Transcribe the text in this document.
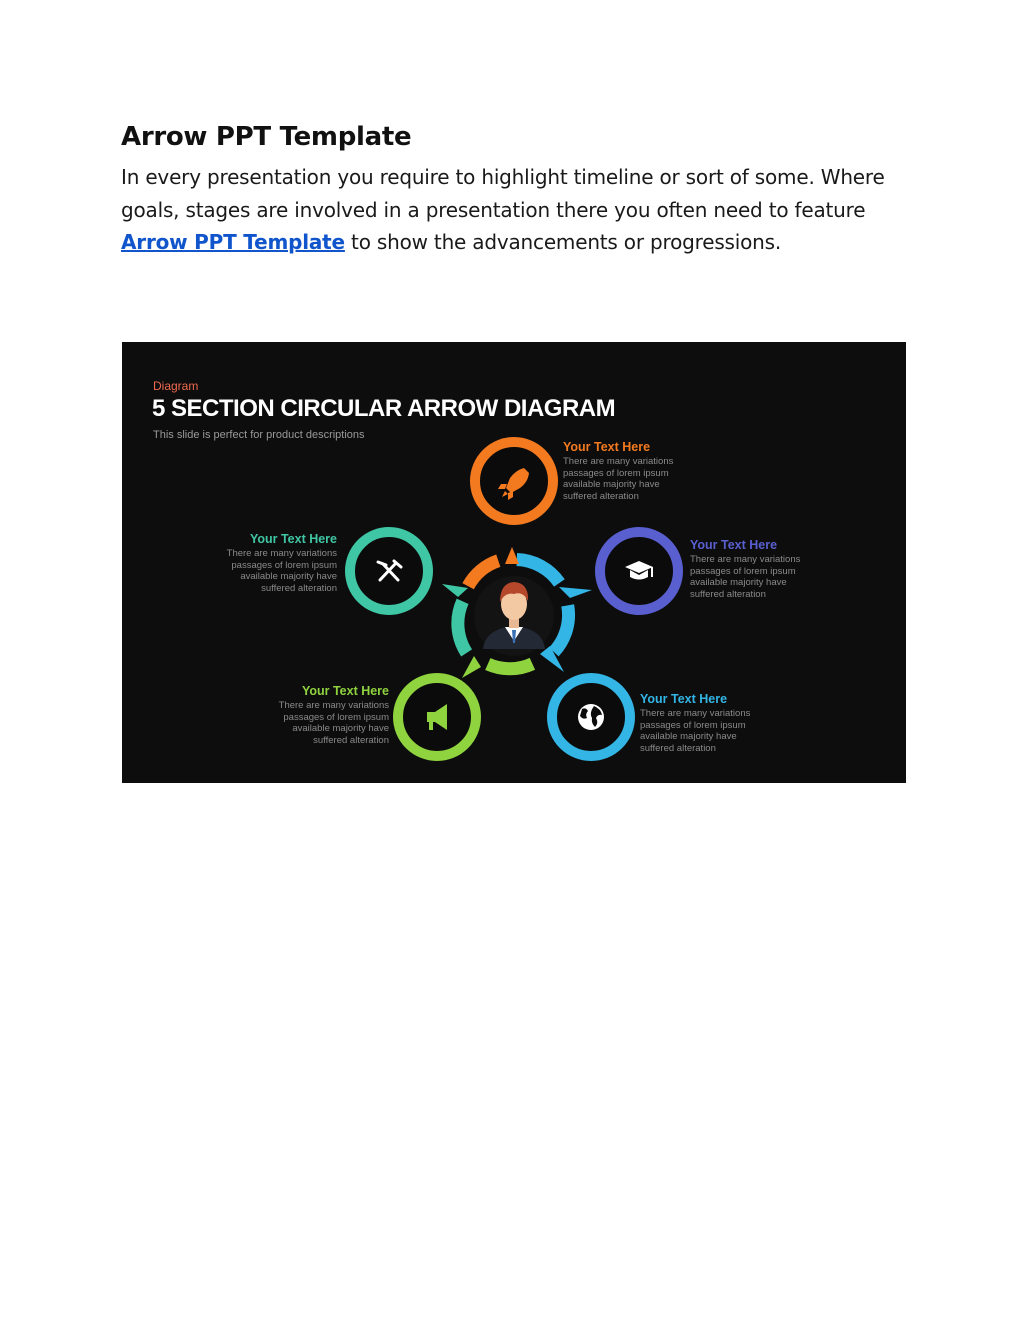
Arrow PPT Template

In every presentation you require to highlight timeline or sort of some. Where goals, stages are involved in a presentation there you often need to feature Arrow PPT Template to show the advancements or progressions.

Diagram
5 SECTION CIRCULAR ARROW DIAGRAM
This slide is perfect for product descriptions
Your Text Here
There are many variations
passages of lorem ipsum
available majority have
suffered alteration
Your Text Here
There are many variations
passages of lorem ipsum
available majority have
suffered alteration
Your Text Here
There are many variations
passages of lorem ipsum
available majority have
suffered alteration
Your Text Here
There are many variations
passages of lorem ipsum
available majority have
suffered alteration
Your Text Here
There are many variations
passages of lorem ipsum
available majority have
suffered alteration
